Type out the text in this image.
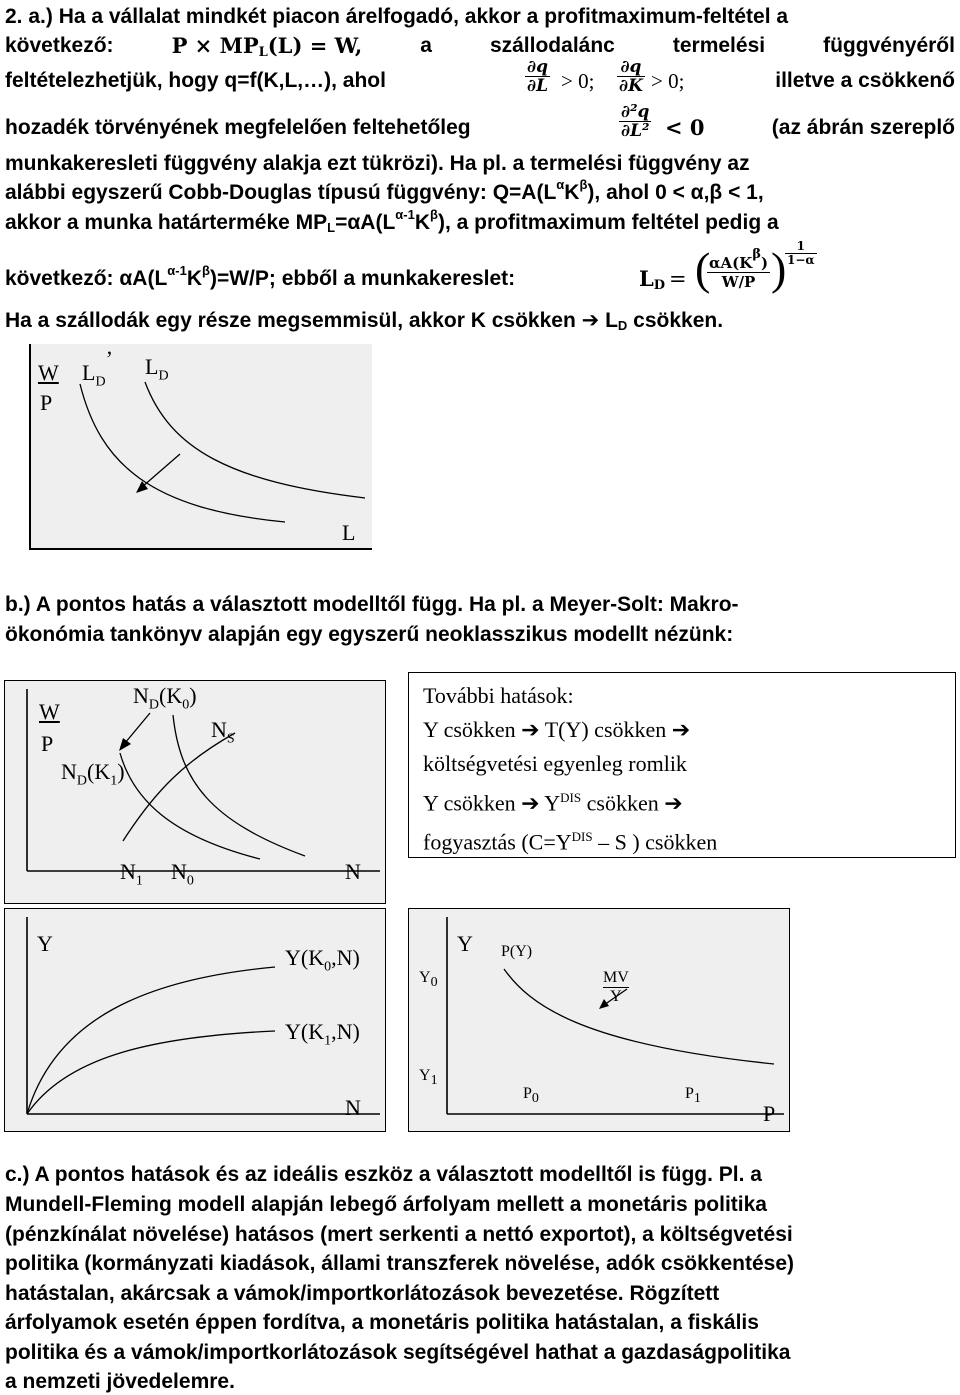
2. a.) Ha a vállalat mindkét piacon árelfogadó, akkor a profitmaximum-feltétel a
következő:	$P \times MP_L(L) = W$,	a	szállodalánc	termelési	függvényéről
feltételezhetjük, hogy q=f(K,L,…), ahol	$\frac{\partial q}{\partial L} > 0$; $\frac{\partial q}{\partial K} > 0$;	illetve a csökkenő
hozadék törvényének megfelelően feltehetőleg	$\frac{\text{∂²q}}{\text{∂L²}} < 0$	(az ábrán szereplő
munkakeresleti függvény alakja ezt tükrözi). Ha pl. a termelési függvény az
alábbi egyszerű Cobb-Douglas típusú függvény: $Q=A(L^\alpha K^\beta)$, ahol 0 < α,β < 1,
akkor a munka határterméke $MP_L=\alpha A(L^{\alpha-1}K^\beta)$, a profitmaximum feltétel pedig a
következő: $\alpha A(L^{\alpha-1}K^\beta)=W/P$; ebből a munkakereslet:	$L_D$ = (
$\frac{\alpha A(K^\beta)}{W/P}$ )
$\frac{1}{1-\alpha}$
Ha a szállodák egy része megsemmisül, akkor K csökken ➔ $L_D$ csökken.
W
P
$L_D$’ $L_D$
L
b.) A pontos hatás a választott modelltől függ. Ha pl. a Meyer-Solt: Makro-
ökonómia tankönyv alapján egy egyszerű neoklasszikus modellt nézünk:
W
P
$N_D(K_0)$
$N_S$
$N_D(K_1)$
$N_1$ $N_0$	N
További hatások:
Y csökken ➔ T(Y) csökken ➔
költségvetési egyenleg romlik
Y csökken ➔ $Y^{DIS}$ csökken ➔
fogyasztás ($C=Y^{DIS} - S$ ) csökken
Y
$Y(K_0,N)$
$Y(K_1,N)$
N
Y P(Y)
$Y_0$
$Y_1$
MV
Y
$P_0$	$P_1$
P
c.) A pontos hatások és az ideális eszköz a választott modelltől is függ. Pl. a
Mundell-Fleming modell alapján lebegő árfolyam mellett a monetáris politika
(pénzkínálat növelése) hatásos (mert serkenti a nettó exportot), a költségvetési
politika (kormányzati kiadások, állami transzferek növelése, adók csökkentése)
hatástalan, akárcsak a vámok/importkorlátozások bevezetése. Rögzített
árfolyamok esetén éppen fordítva, a monetáris politika hatástalan, a fiskális
politika és a vámok/importkorlátozások segítségével hathat a gazdaságpolitika
a nemzeti jövedelemre.
